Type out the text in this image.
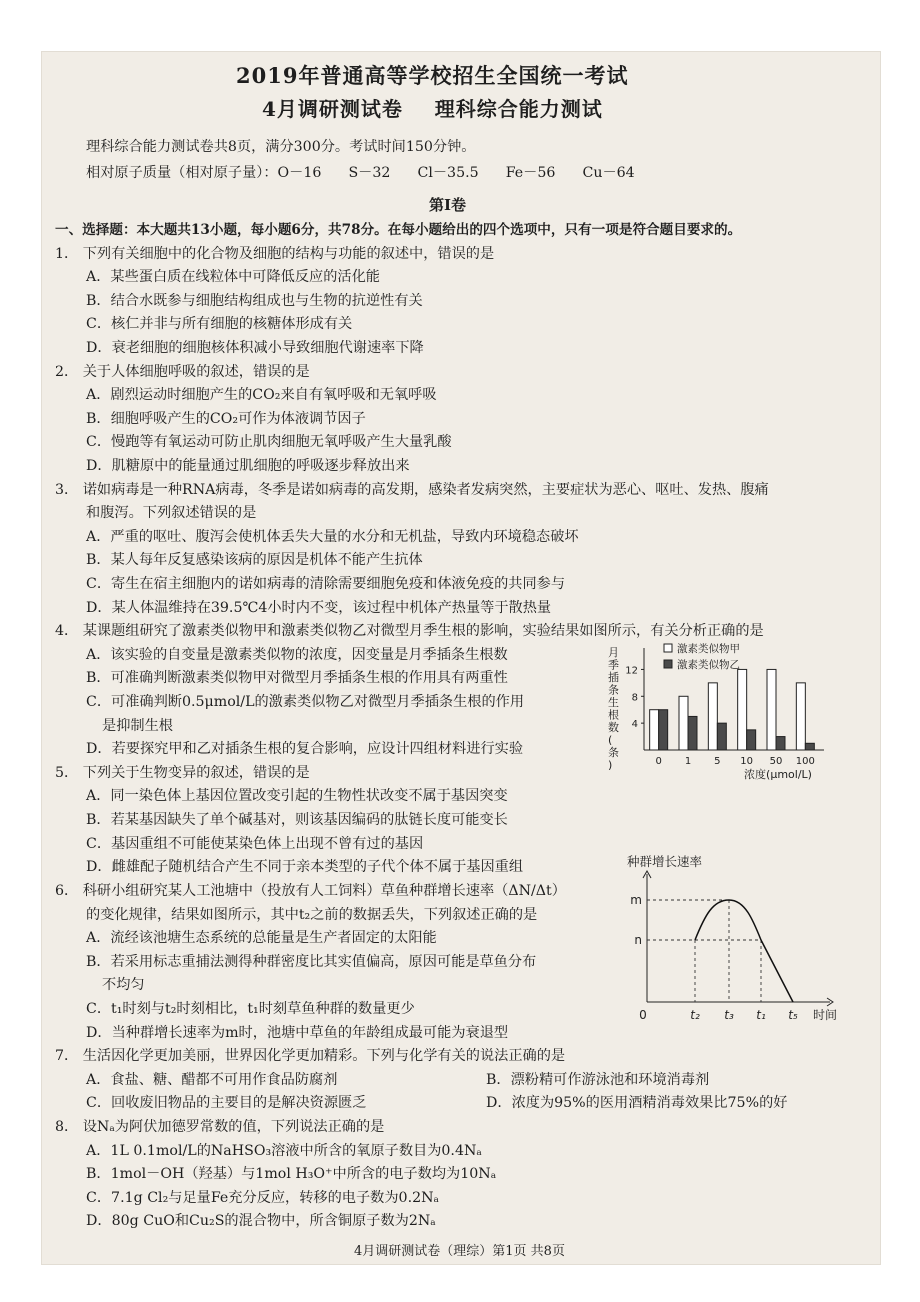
2019年普通高等学校招生全国统一考试
4月调研测试卷    理科综合能力测试
理科综合能力测试卷共8页，满分300分。考试时间150分钟。
相对原子质量（相对原子量）：O－16      S－32      Cl－35.5      Fe－56      Cu－64
第Ⅰ卷
一、选择题：本大题共13小题，每小题6分，共78分。在每小题给出的四个选项中，只有一项是符合题目要求的。
1． 下列有关细胞中的化合物及细胞的结构与功能的叙述中，错误的是
A．某些蛋白质在线粒体中可降低反应的活化能
B．结合水既参与细胞结构组成也与生物的抗逆性有关
C．核仁并非与所有细胞的核糖体形成有关
D．衰老细胞的细胞核体积减小导致细胞代谢速率下降
2． 关于人体细胞呼吸的叙述，错误的是
A．剧烈运动时细胞产生的CO₂来自有氧呼吸和无氧呼吸
B．细胞呼吸产生的CO₂可作为体液调节因子
C．慢跑等有氧运动可防止肌肉细胞无氧呼吸产生大量乳酸
D．肌糖原中的能量通过肌细胞的呼吸逐步释放出来
3． 诺如病毒是一种RNA病毒，冬季是诺如病毒的高发期，感染者发病突然，主要症状为恶心、呕吐、发热、腹痛
和腹泻。下列叙述错误的是
A．严重的呕吐、腹泻会使机体丢失大量的水分和无机盐，导致内环境稳态破坏
B．某人每年反复感染该病的原因是机体不能产生抗体
C．寄生在宿主细胞内的诺如病毒的清除需要细胞免疫和体液免疫的共同参与
D．某人体温维持在39.5℃4小时内不变，该过程中机体产热量等于散热量
4． 某课题组研究了激素类似物甲和激素类似物乙对微型月季生根的影响，实验结果如图所示，有关分析正确的是
A．该实验的自变量是激素类似物的浓度，因变量是月季插条生根数
B．可准确判断激素类似物甲对微型月季插条生根的作用具有两重性
C．可准确判断0.5μmol/L的激素类似物乙对微型月季插条生根的作用
是抑制生根
D．若要探究甲和乙对插条生根的复合影响，应设计四组材料进行实验
5． 下列关于生物变异的叙述，错误的是
A．同一染色体上基因位置改变引起的生物性状改变不属于基因突变
B．若某基因缺失了单个碱基对，则该基因编码的肽链长度可能变长
C．基因重组不可能使某染色体上出现不曾有过的基因
D．雌雄配子随机结合产生不同于亲本类型的子代个体不属于基因重组
6． 科研小组研究某人工池塘中（投放有人工饲料）草鱼种群增长速率（ΔN/Δt）
的变化规律，结果如图所示，其中t₂之前的数据丢失，下列叙述正确的是
A．流经该池塘生态系统的总能量是生产者固定的太阳能
B．若采用标志重捕法测得种群密度比其实值偏高，原因可能是草鱼分布
不均匀
C．t₁时刻与t₂时刻相比，t₁时刻草鱼种群的数量更少
D．当种群增长速率为m时，池塘中草鱼的年龄组成最可能为衰退型
7． 生活因化学更加美丽，世界因化学更加精彩。下列与化学有关的说法正确的是
A．食盐、糖、醋都不可用作食品防腐剂	B．漂粉精可作游泳池和环境消毒剂
C．回收废旧物品的主要目的是解决资源匮乏	D．浓度为95%的医用酒精消毒效果比75%的好
8． 设Nₐ为阿伏加德罗常数的值，下列说法正确的是
A．1L 0.1mol/L的NaHSO₃溶液中所含的氧原子数目为0.4Nₐ
B．1mol－OH（羟基）与1mol H₃O⁺中所含的电子数均为10Nₐ
C．7.1g Cl₂与足量Fe充分反应，转移的电子数为0.2Nₐ
D．80g CuO和Cu₂S的混合物中，所含铜原子数为2Nₐ
4月调研测试卷（理综）第1页 共8页
月
季
插
条
生
根
数
(
条
)
4
8
12
0 1 5 10 50 100
激素类似物甲
激素类似物乙
浓度(μmol/L)
种群增长速率
m
n
0	t₂ t₃ t₁ t₅ 时间
